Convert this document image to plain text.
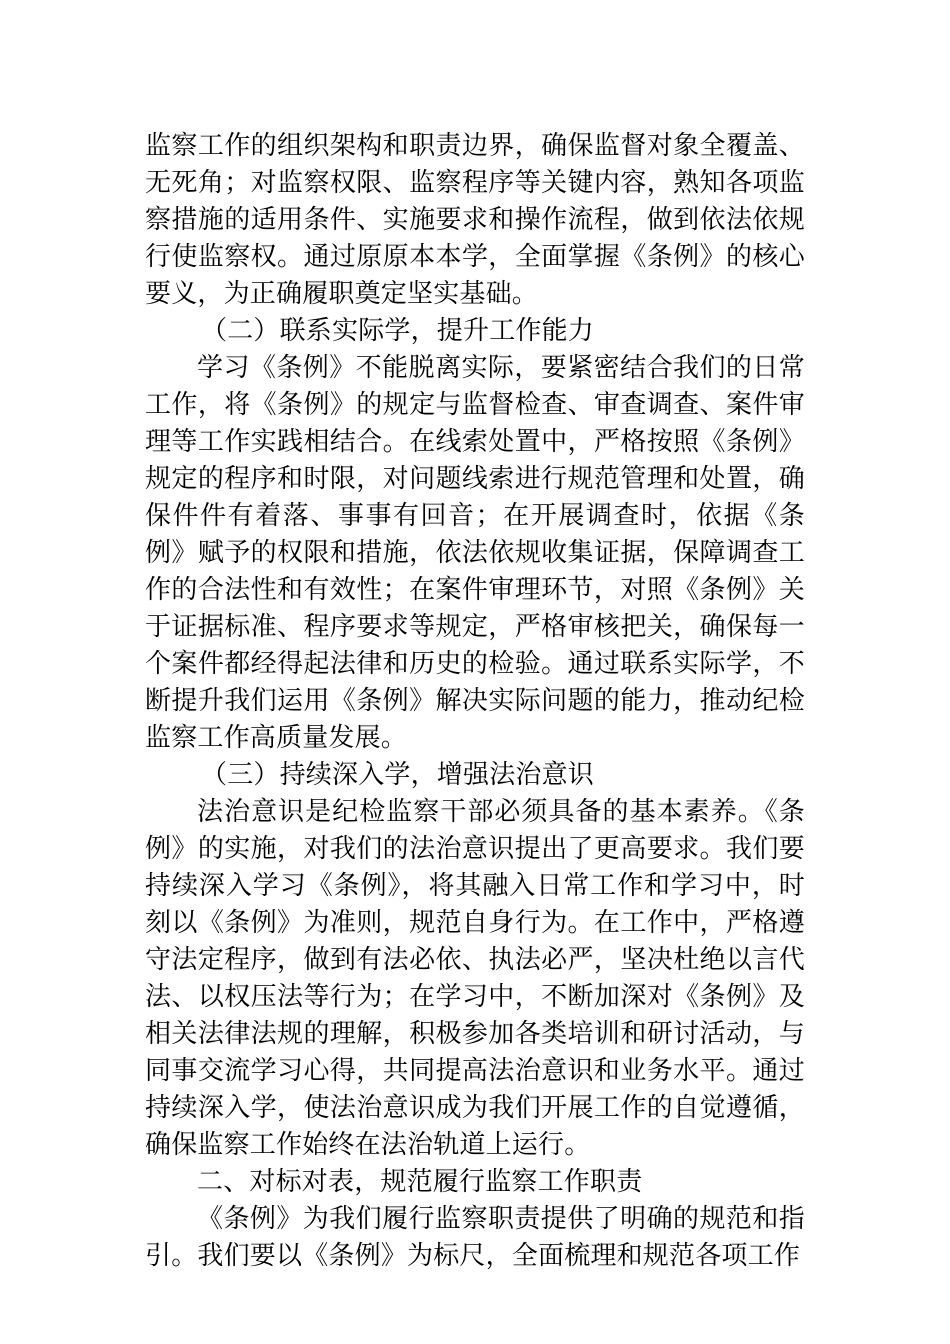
监察工作的组织架构和职责边界，确保监督对象全覆盖、无死角；对监察权限、监察程序等关键内容，熟知各项监察措施的适用条件、实施要求和操作流程，做到依法依规行使监察权。通过原原本本学，全面掌握《条例》的核心要义，为正确履职奠定坚实基础。

（二）联系实际学，提升工作能力

学习《条例》不能脱离实际，要紧密结合我们的日常工作，将《条例》的规定与监督检查、审查调查、案件审理等工作实践相结合。在线索处置中，严格按照《条例》规定的程序和时限，对问题线索进行规范管理和处置，确保件件有着落、事事有回音；在开展调查时，依据《条例》赋予的权限和措施，依法依规收集证据，保障调查工作的合法性和有效性；在案件审理环节，对照《条例》关于证据标准、程序要求等规定，严格审核把关，确保每一个案件都经得起法律和历史的检验。通过联系实际学，不断提升我们运用《条例》解决实际问题的能力，推动纪检监察工作高质量发展。

（三）持续深入学，增强法治意识

法治意识是纪检监察干部必须具备的基本素养。《条例》的实施，对我们的法治意识提出了更高要求。我们要持续深入学习《条例》，将其融入日常工作和学习中，时刻以《条例》为准则，规范自身行为。在工作中，严格遵守法定程序，做到有法必依、执法必严，坚决杜绝以言代法、以权压法等行为；在学习中，不断加深对《条例》及相关法律法规的理解，积极参加各类培训和研讨活动，与同事交流学习心得，共同提高法治意识和业务水平。通过持续深入学，使法治意识成为我们开展工作的自觉遵循，确保监察工作始终在法治轨道上运行。

二、对标对表，规范履行监察工作职责

《条例》为我们履行监察职责提供了明确的规范和指引。我们要以《条例》为标尺，全面梳理和规范各项工作
